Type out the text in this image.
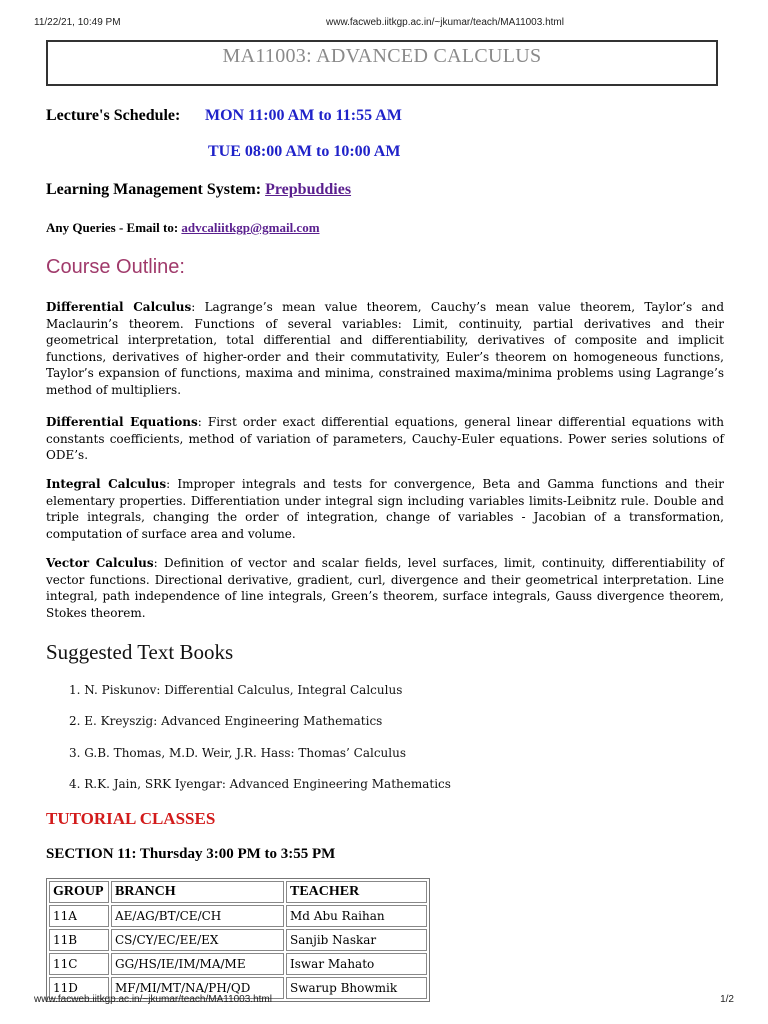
11/22/21, 10:49 PM	www.facweb.iitkgp.ac.in/~jkumar/teach/MA11003.html
MA11003: ADVANCED CALCULUS
Lecture's Schedule: MON 11:00 AM to 11:55 AM
TUE 08:00 AM to 10:00 AM
Learning Management System: Prepbuddies
Any Queries - Email to: advcaliitkgp@gmail.com
Course Outline:

Differential Calculus: Lagrange’s mean value theorem, Cauchy’s mean value theorem, Taylor’s and Maclaurin’s theorem. Functions of several variables: Limit, continuity, partial derivatives and their geometrical interpretation, total differential and differentiability, derivatives of composite and implicit functions, derivatives of higher-order and their commutativity, Euler’s theorem on homogeneous functions, Taylor’s expansion of functions, maxima and minima, constrained maxima/minima problems using Lagrange’s method of multipliers.

Differential Equations: First order exact differential equations, general linear differential equations with constants coefficients, method of variation of parameters, Cauchy-Euler equations. Power series solutions of ODE’s.

Integral Calculus: Improper integrals and tests for convergence, Beta and Gamma functions and their elementary properties. Differentiation under integral sign including variables limits-Leibnitz rule. Double and triple integrals, changing the order of integration, change of variables - Jacobian of a transformation, computation of surface area and volume.

Vector Calculus: Definition of vector and scalar fields, level surfaces, limit, continuity, differentiability of vector functions. Directional derivative, gradient, curl, divergence and their geometrical interpretation. Line integral, path independence of line integrals, Green’s theorem, surface integrals, Gauss divergence theorem, Stokes theorem.

Suggested Text Books
1. N. Piskunov: Differential Calculus, Integral Calculus
2. E. Kreyszig: Advanced Engineering Mathematics
3. G.B. Thomas, M.D. Weir, J.R. Hass: Thomas’ Calculus
4. R.K. Jain, SRK Iyengar: Advanced Engineering Mathematics
TUTORIAL CLASSES
SECTION 11: Thursday 3:00 PM to 3:55 PM
GROUP	BRANCH	TEACHER
11A	AE/AG/BT/CE/CH	Md Abu Raihan
11B	CS/CY/EC/EE/EX	Sanjib Naskar
11C	GG/HS/IE/IM/MA/ME	Iswar Mahato
11D	MF/MI/MT/NA/PH/QD	Swarup Bhowmik
www.facweb.iitkgp.ac.in/~jkumar/teach/MA11003.html	1/2
